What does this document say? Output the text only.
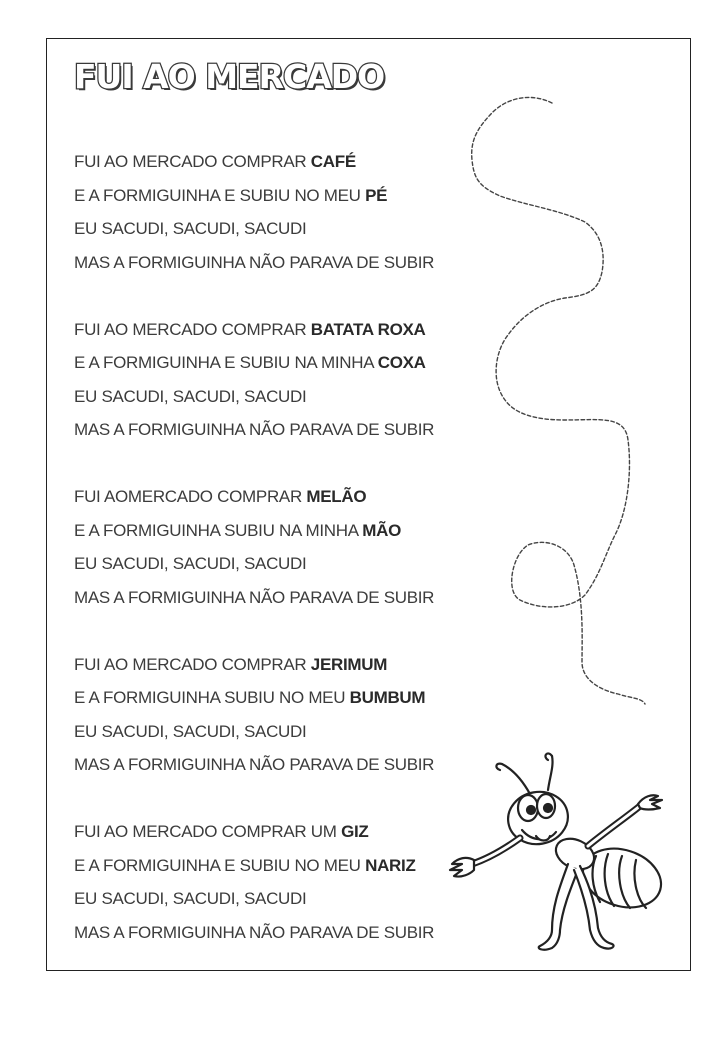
FUI AO MERCADO
FUI AO MERCADO COMPRAR CAFÉ
E A FORMIGUINHA E SUBIU NO MEU PÉ
EU SACUDI, SACUDI, SACUDI
MAS A FORMIGUINHA NÃO PARAVA DE SUBIR
FUI AO MERCADO COMPRAR BATATA ROXA
E A FORMIGUINHA E SUBIU NA MINHA COXA
EU SACUDI, SACUDI, SACUDI
MAS A FORMIGUINHA NÃO PARAVA DE SUBIR
FUI AOMERCADO COMPRAR MELÃO
E A FORMIGUINHA SUBIU NA MINHA MÃO
EU SACUDI, SACUDI, SACUDI
MAS A FORMIGUINHA NÃO PARAVA DE SUBIR
FUI AO MERCADO COMPRAR JERIMUM
E A FORMIGUINHA SUBIU NO MEU BUMBUM
EU SACUDI, SACUDI, SACUDI
MAS A FORMIGUINHA NÃO PARAVA DE SUBIR
FUI AO MERCADO COMPRAR UM GIZ
E A FORMIGUINHA E SUBIU NO MEU NARIZ
EU SACUDI, SACUDI, SACUDI
MAS A FORMIGUINHA NÃO PARAVA DE SUBIR
